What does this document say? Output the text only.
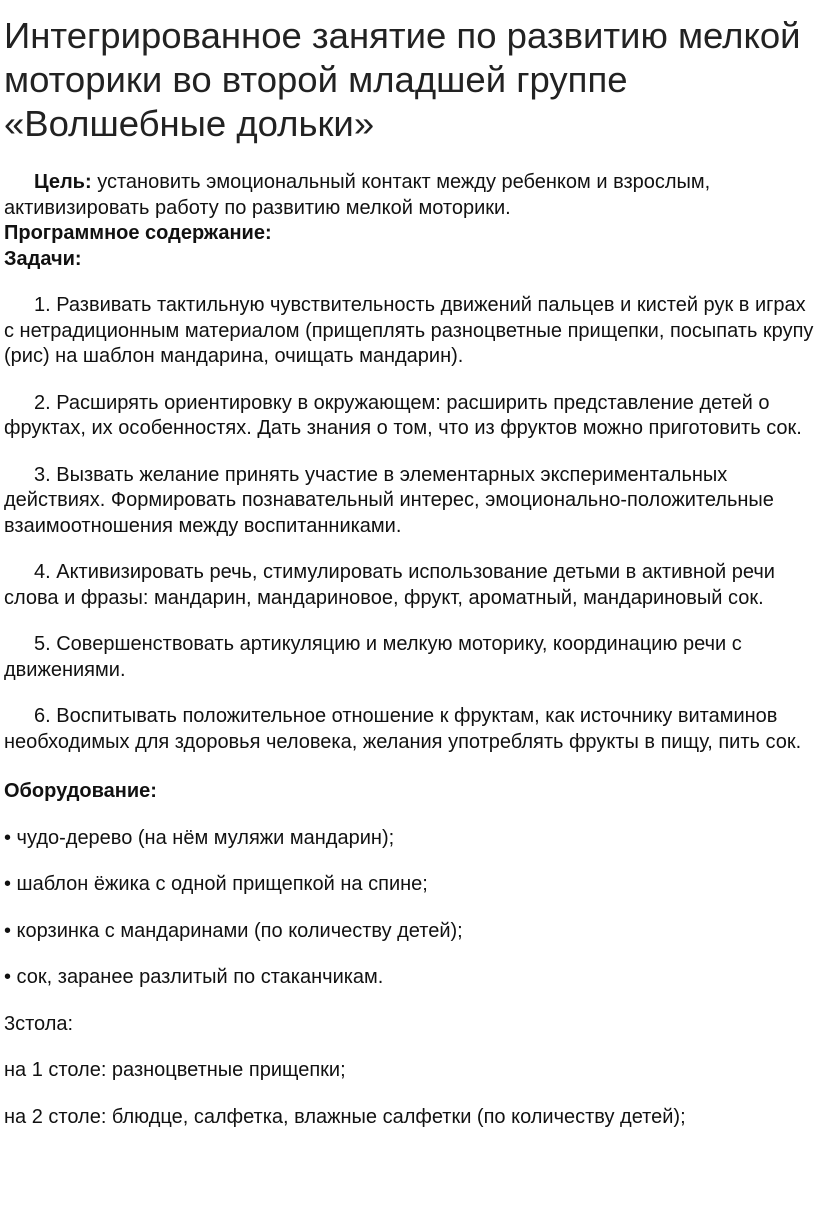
Интегрированное занятие по развитию мелкой моторики во второй младшей группе «Волшебные дольки»

Цель: установить эмоциональный контакт между ребенком и взрослым, активизировать работу по развитию мелкой моторики.

Программное содержание:

Задачи:

1. Развивать тактильную чувствительность движений пальцев и кистей рук в играх с нетрадиционным материалом (прищеплять разноцветные прищепки, посыпать крупу (рис) на шаблон мандарина, очищать мандарин).

2. Расширять ориентировку в окружающем: расширить представление детей о фруктах, их особенностях. Дать знания о том, что из фруктов можно приготовить сок.

3. Вызвать желание принять участие в элементарных экспериментальных действиях. Формировать познавательный интерес, эмоционально-положительные взаимоотношения между воспитанниками.

4. Активизировать речь, стимулировать использование детьми в активной речи слова и фразы: мандарин, мандариновое, фрукт, ароматный, мандариновый сок.

5. Совершенствовать артикуляцию и мелкую моторику, координацию речи с движениями.

6. Воспитывать положительное отношение к фруктам, как источнику витаминов необходимых для здоровья человека, желания употреблять фрукты в пищу, пить сок.

Оборудование:

• чудо-дерево (на нём муляжи мандарин);

• шаблон ёжика с одной прищепкой на спине;

• корзинка с мандаринами (по количеству детей);

• сок, заранее разлитый по стаканчикам.

3стола:

на 1 столе: разноцветные прищепки;

на 2 столе: блюдце, салфетка, влажные салфетки (по количеству детей);
